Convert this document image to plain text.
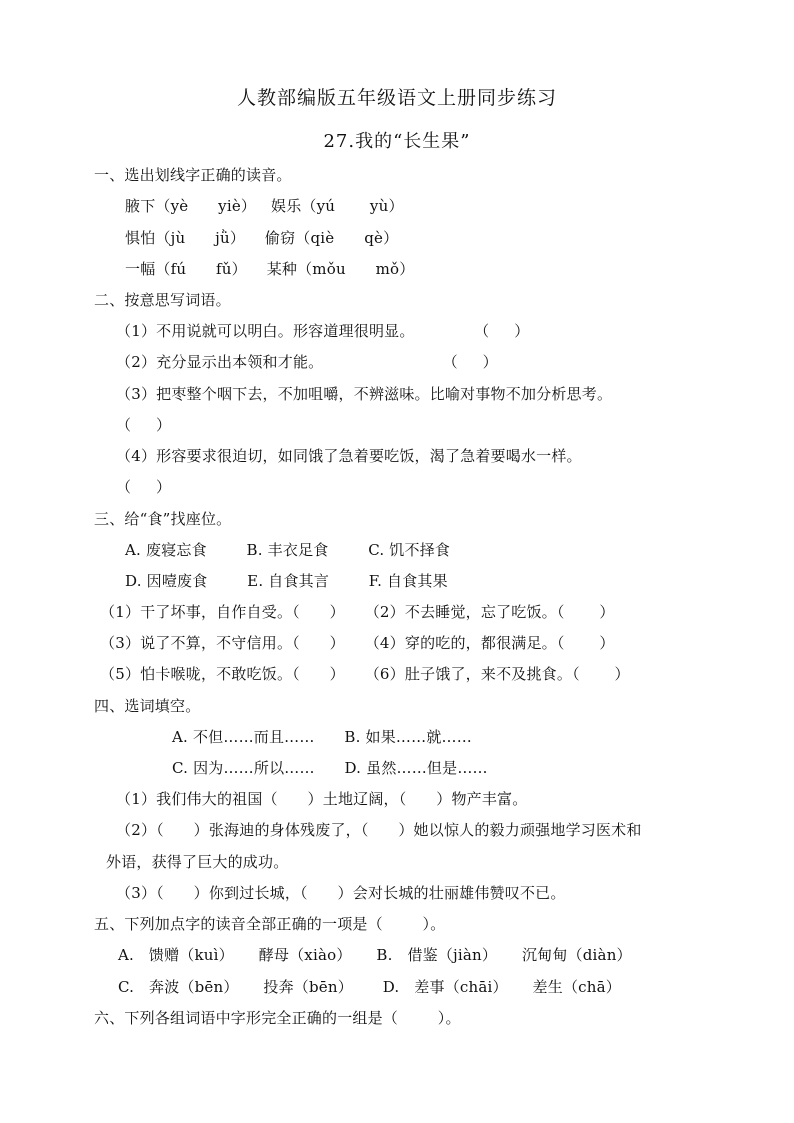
人教部编版五年级语文上册同步练习
27.我的“长生果”
一、选出划线字正确的读音。
腋下（yè      yiè）   娱乐（yú       yù）
惧怕（jù      jǜ）    偷窃（qiè      qè）
一幅（fú      fǔ）    某种（mǒu      mǒ）
二、按意思写词语。
（1）不用说就可以明白。形容道理很明显。            （     ）
（2）充分显示出本领和才能。                        （     ）
（3）把枣整个咽下去，不加咀嚼，不辨滋味。比喻对事物不加分析思考。
（     ）
（4）形容要求很迫切，如同饿了急着要吃饭，渴了急着要喝水一样。
（     ）
三、给“食”找座位。
A. 废寝忘食        B. 丰衣足食        C. 饥不择食
D. 因噎废食        E. 自食其言        F. 自食其果
（1）干了坏事，自作自受。（      ）    （2）不去睡觉，忘了吃饭。（       ）
（3）说了不算，不守信用。（      ）    （4）穿的吃的，都很满足。（       ）
（5）怕卡喉咙，不敢吃饭。（      ）    （6）肚子饿了，来不及挑食。（       ）
四、选词填空。
A. 不但……而且……      B. 如果……就……
C. 因为……所以……      D. 虽然……但是……
（1）我们伟大的祖国（      ）土地辽阔，（      ）物产丰富。
（2）（      ）张海迪的身体残废了，（      ）她以惊人的毅力顽强地学习医术和
外语，获得了巨大的成功。
（3）（      ）你到过长城，（      ）会对长城的壮丽雄伟赞叹不已。
五、下列加点字的读音全部正确的一项是（        ）。
A.   馈赠（kuì）     酵母（xiào）     B.   借鉴（jiàn）     沉甸甸（diàn）
C.   奔波（bēn）     投奔（bēn）      D.   差事（chāi）     差生（chā）
六、下列各组词语中字形完全正确的一组是（        ）。
